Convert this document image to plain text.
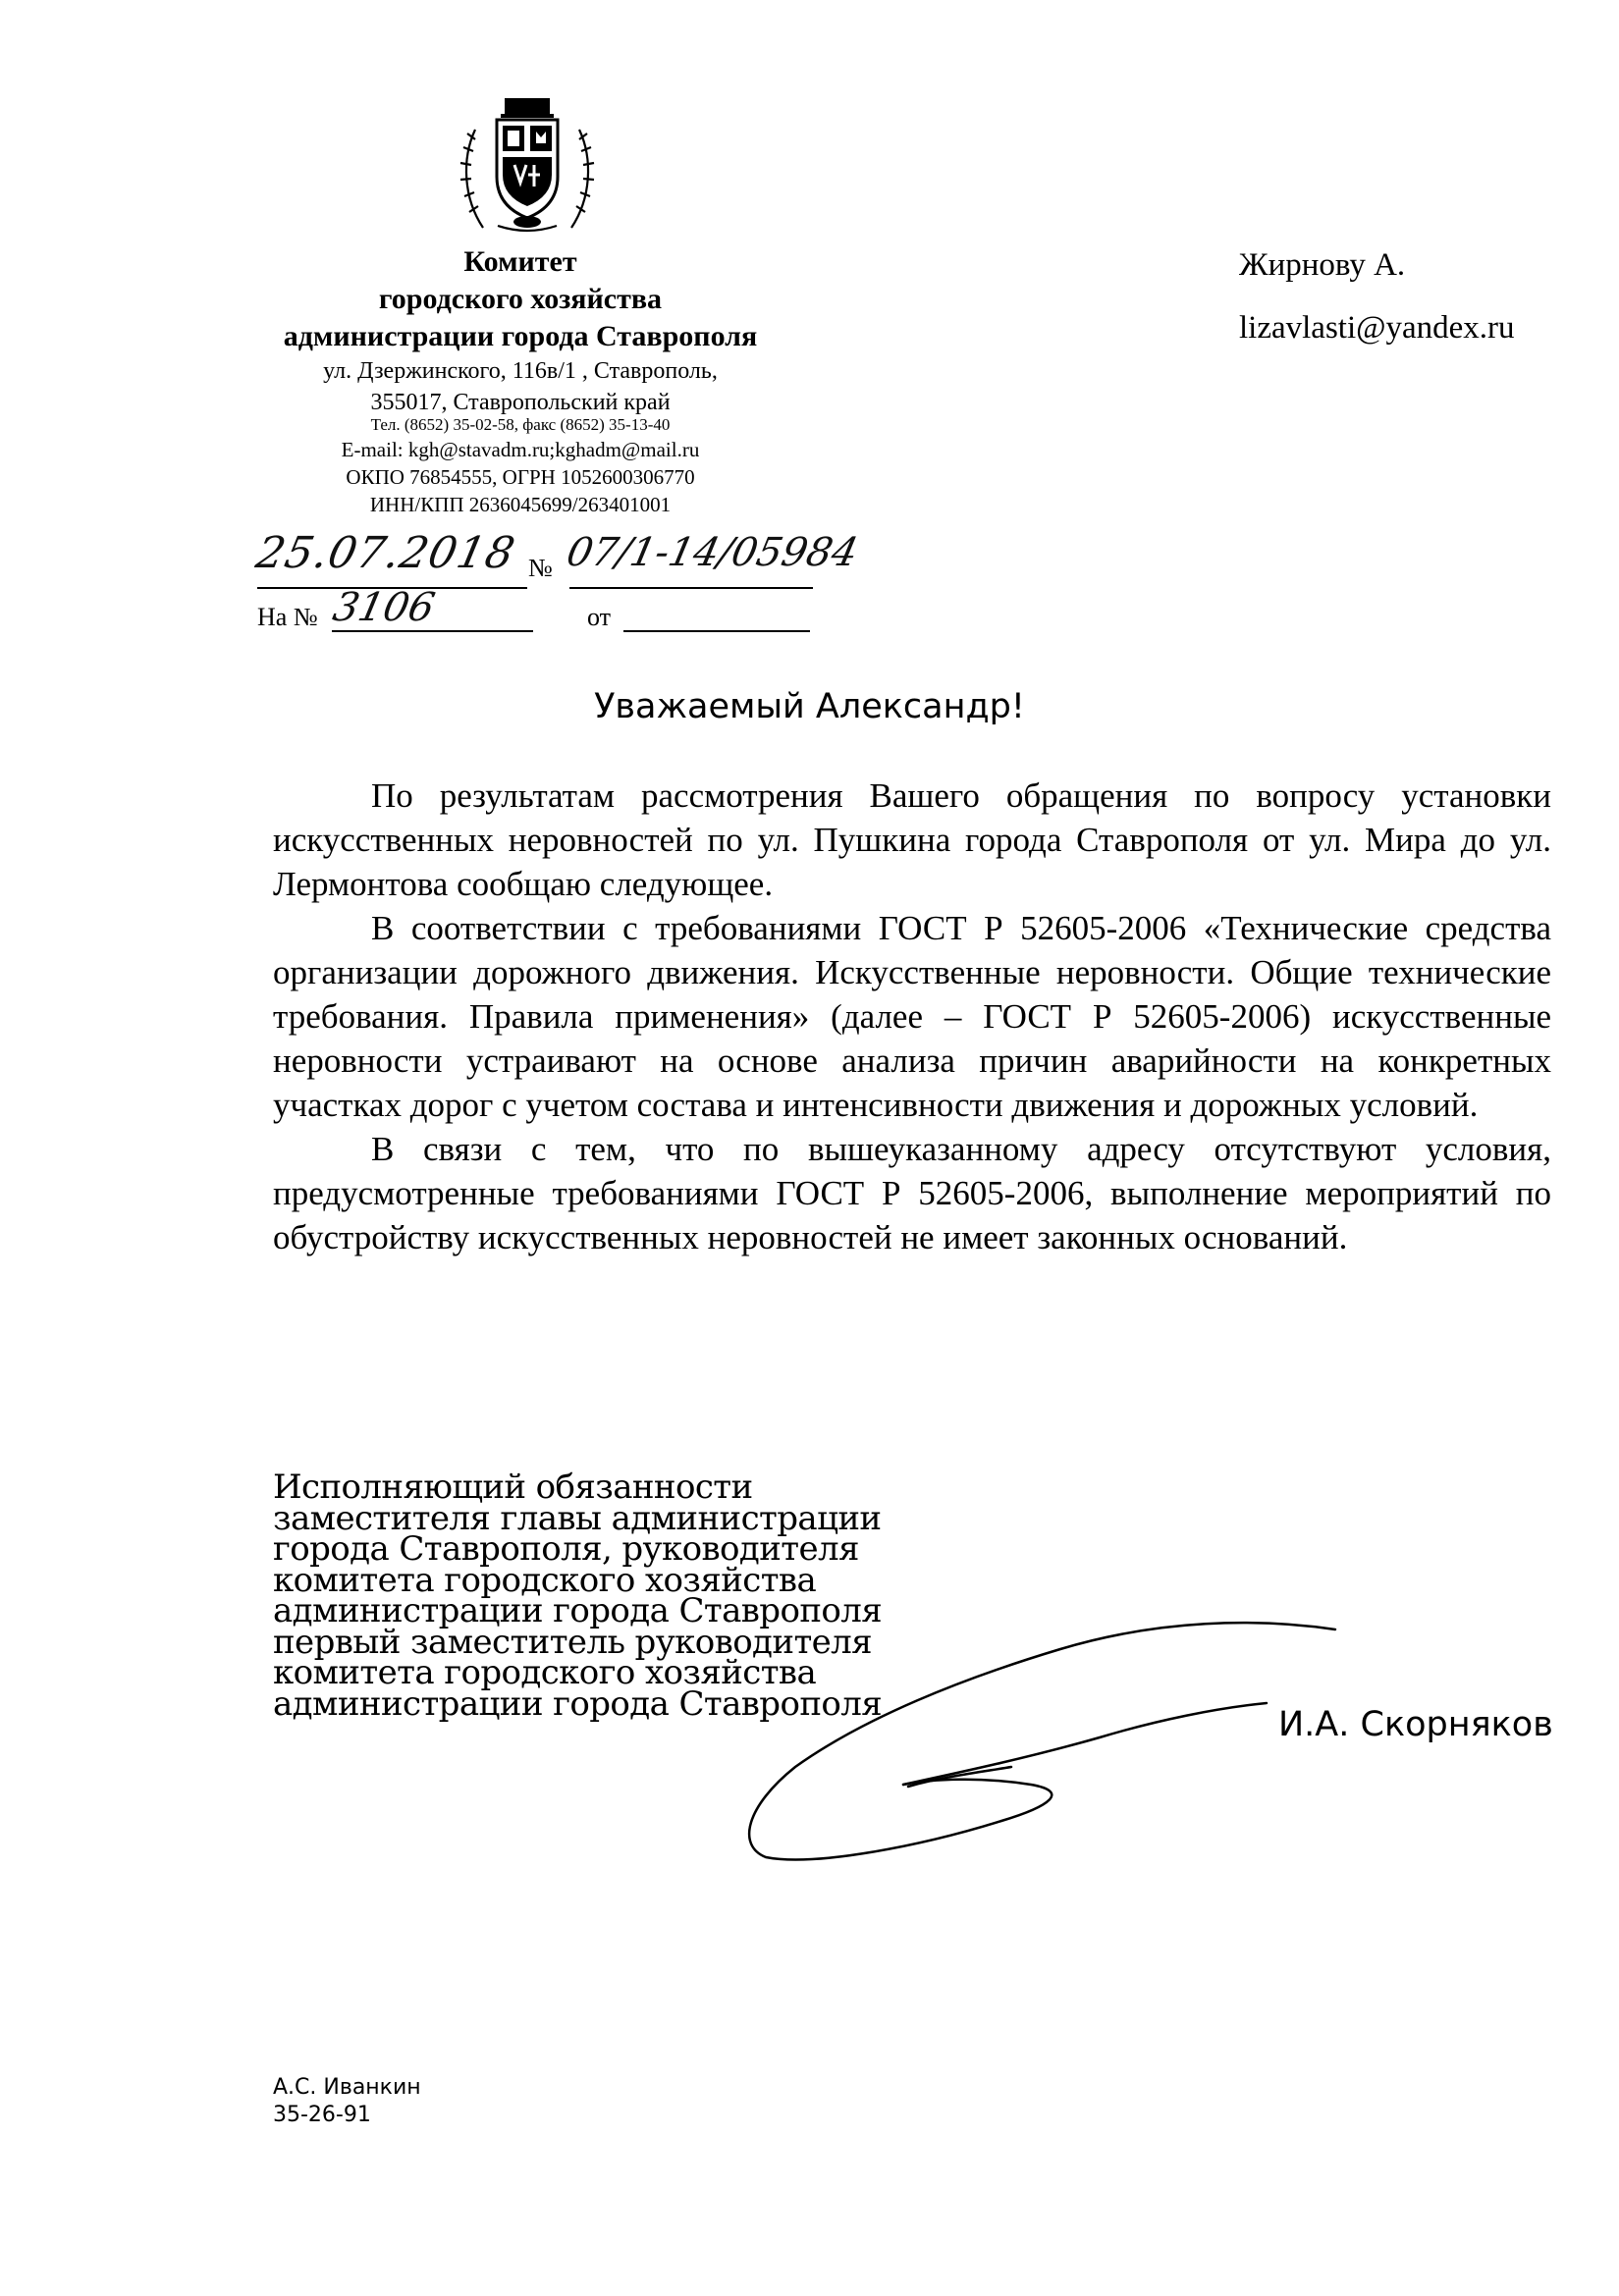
Комитет
городского хозяйства
администрации города Ставрополя
ул. Дзержинского, 116в/1 , Ставрополь,
355017, Ставропольский край
Тел. (8652) 35-02-58, факс (8652) 35-13-40
E-mail: kgh@stavadm.ru;kghadm@mail.ru
ОКПО 76854555, ОГРН 1052600306770
ИНН/КПП 2636045699/263401001
Жирнову А.
lizavlasti@yandex.ru
25.07.2018 № 07/1-14/05984
На № 3106	от
Уважаемый Александр!

По результатам рассмотрения Вашего обращения по вопросу установки искусственных неровностей по ул. Пушкина города Ставрополя от ул. Мира до ул. Лермонтова сообщаю следующее.

В соответствии с требованиями ГОСТ Р 52605-2006 «Технические средства организации дорожного движения. Искусственные неровности. Общие технические требования. Правила применения» (далее – ГОСТ Р 52605-2006) искусственные неровности устраивают на основе анализа причин аварийности на конкретных участках дорог с учетом состава и интенсивности движения и дорожных условий.

В связи с тем, что по вышеуказанному адресу отсутствуют условия, предусмотренные требованиями ГОСТ Р 52605-2006, выполнение мероприятий по обустройству искусственных неровностей не имеет законных оснований.

Исполняющий обязанности
заместителя главы администрации
города Ставрополя, руководителя
комитета городского хозяйства
администрации города Ставрополя
первый заместитель руководителя
комитета городского хозяйства
администрации города Ставрополя
И.А. Скорняков
А.С. Иванкин
35-26-91
